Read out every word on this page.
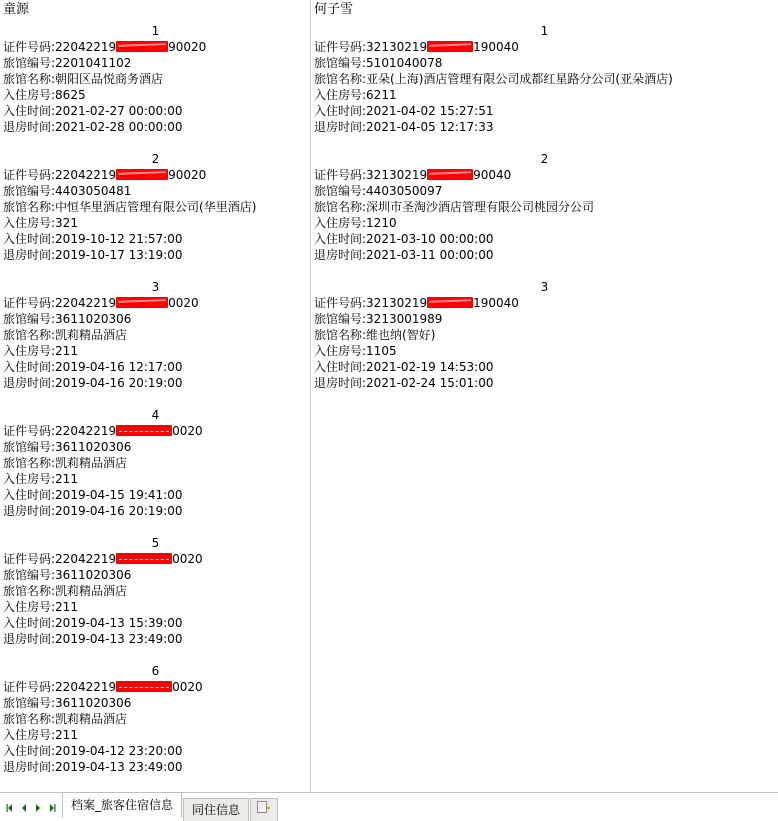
童源
1
证件号码:22042219	90020
旅馆编号:2201041102
旅馆名称:朝阳区品悦商务酒店
入住房号:8625
入住时间:2021-02-27 00:00:00
退房时间:2021-02-28 00:00:00
2
证件号码:22042219	90020
旅馆编号:4403050481
旅馆名称:中恒华里酒店管理有限公司(华里酒店)
入住房号:321
入住时间:2019-10-12 21:57:00
退房时间:2019-10-17 13:19:00
3
证件号码:22042219	0020
旅馆编号:3611020306
旅馆名称:凯莉精品酒店
入住房号:211
入住时间:2019-04-16 12:17:00
退房时间:2019-04-16 20:19:00
4
证件号码:22042219	0020
旅馆编号:3611020306
旅馆名称:凯莉精品酒店
入住房号:211
入住时间:2019-04-15 19:41:00
退房时间:2019-04-16 20:19:00
5
证件号码:22042219	0020
旅馆编号:3611020306
旅馆名称:凯莉精品酒店
入住房号:211
入住时间:2019-04-13 15:39:00
退房时间:2019-04-13 23:49:00
6
证件号码:22042219	0020
旅馆编号:3611020306
旅馆名称:凯莉精品酒店
入住房号:211
入住时间:2019-04-12 23:20:00
退房时间:2019-04-13 23:49:00
何子雪
1
证件号码:32130219	190040
旅馆编号:5101040078
旅馆名称:亚朵(上海)酒店管理有限公司成都红星路分公司(亚朵酒店)
入住房号:6211
入住时间:2021-04-02 15:27:51
退房时间:2021-04-05 12:17:33
2
证件号码:32130219	90040
旅馆编号:4403050097
旅馆名称:深圳市圣淘沙酒店管理有限公司桃园分公司
入住房号:1210
入住时间:2021-03-10 00:00:00
退房时间:2021-03-11 00:00:00
3
证件号码:32130219	190040
旅馆编号:3213001989
旅馆名称:维也纳(智好)
入住房号:1105
入住时间:2021-02-19 14:53:00
退房时间:2021-02-24 15:01:00
档案_旅客住宿信息	同住信息
